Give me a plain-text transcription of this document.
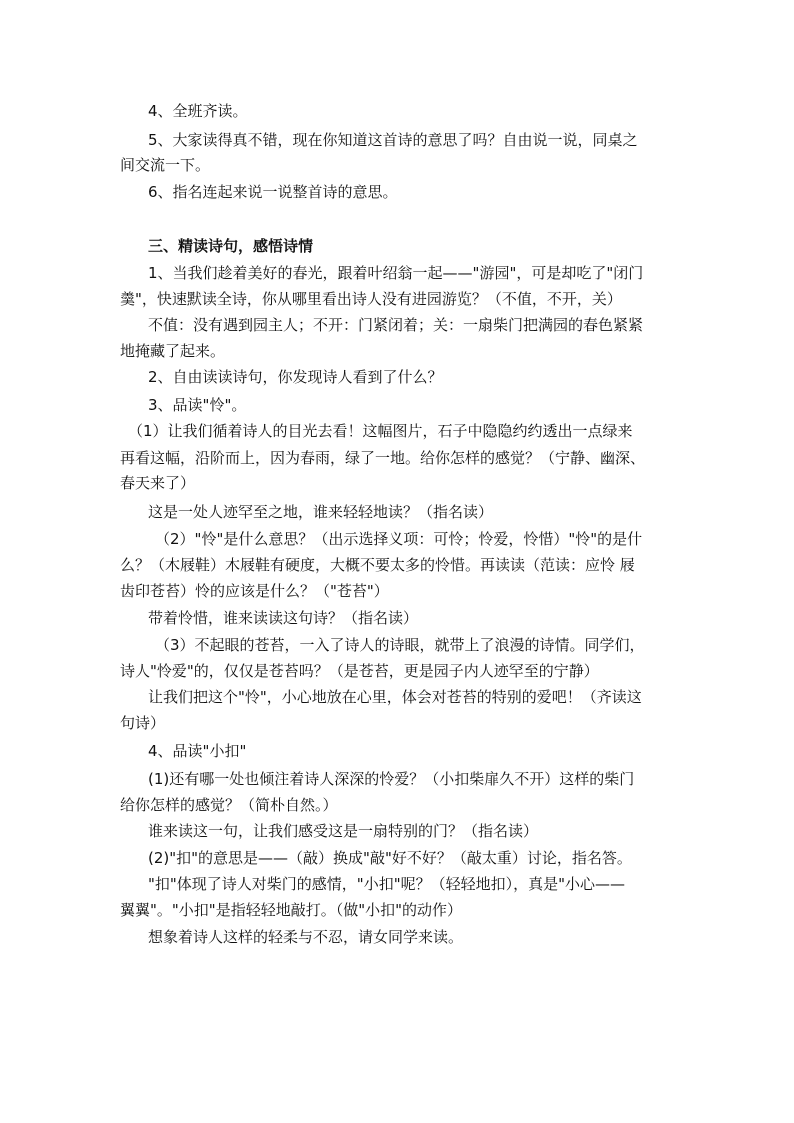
4、全班齐读。
5、大家读得真不错，现在你知道这首诗的意思了吗？自由说一说，同桌之
间交流一下。
6、指名连起来说一说整首诗的意思。
三、精读诗句，感悟诗情
1、当我们趁着美好的春光，跟着叶绍翁一起——"游园"，可是却吃了"闭门
羹"，快速默读全诗，你从哪里看出诗人没有进园游览？（不值，不开，关）
不值：没有遇到园主人；不开：门紧闭着；关：一扇柴门把满园的春色紧紧
地掩藏了起来。
2、自由读读诗句，你发现诗人看到了什么？
3、品读"怜"。
（1）让我们循着诗人的目光去看！这幅图片，石子中隐隐约约透出一点绿来
再看这幅，沿阶而上，因为春雨，绿了一地。给你怎样的感觉？（宁静、幽深、
春天来了）
这是一处人迹罕至之地，谁来轻轻地读？（指名读）
（2）"怜"是什么意思？（出示选择义项：可怜；怜爱，怜惜）"怜"的是什
么？（木屐鞋）木屐鞋有硬度，大概不要太多的怜惜。再读读（范读：应怜 屐
齿印苍苔）怜的应该是什么？（"苍苔"）
带着怜惜，谁来读读这句诗？（指名读）
（3）不起眼的苍苔，一入了诗人的诗眼，就带上了浪漫的诗情。同学们，
诗人"怜爱"的，仅仅是苍苔吗？（是苍苔，更是园子内人迹罕至的宁静）
让我们把这个"怜"，小心地放在心里，体会对苍苔的特别的爱吧！（齐读这
句诗）
4、品读"小扣"
(1)还有哪一处也倾注着诗人深深的怜爱？（小扣柴扉久不开）这样的柴门
给你怎样的感觉？（简朴自然。）
谁来读这一句，让我们感受这是一扇特别的门？（指名读）
(2)"扣"的意思是——（敲）换成"敲"好不好？（敲太重）讨论，指名答。
"扣"体现了诗人对柴门的感情，"小扣"呢？（轻轻地扣），真是"小心——
翼翼"。"小扣"是指轻轻地敲打。（做"小扣"的动作）
想象着诗人这样的轻柔与不忍，请女同学来读。
